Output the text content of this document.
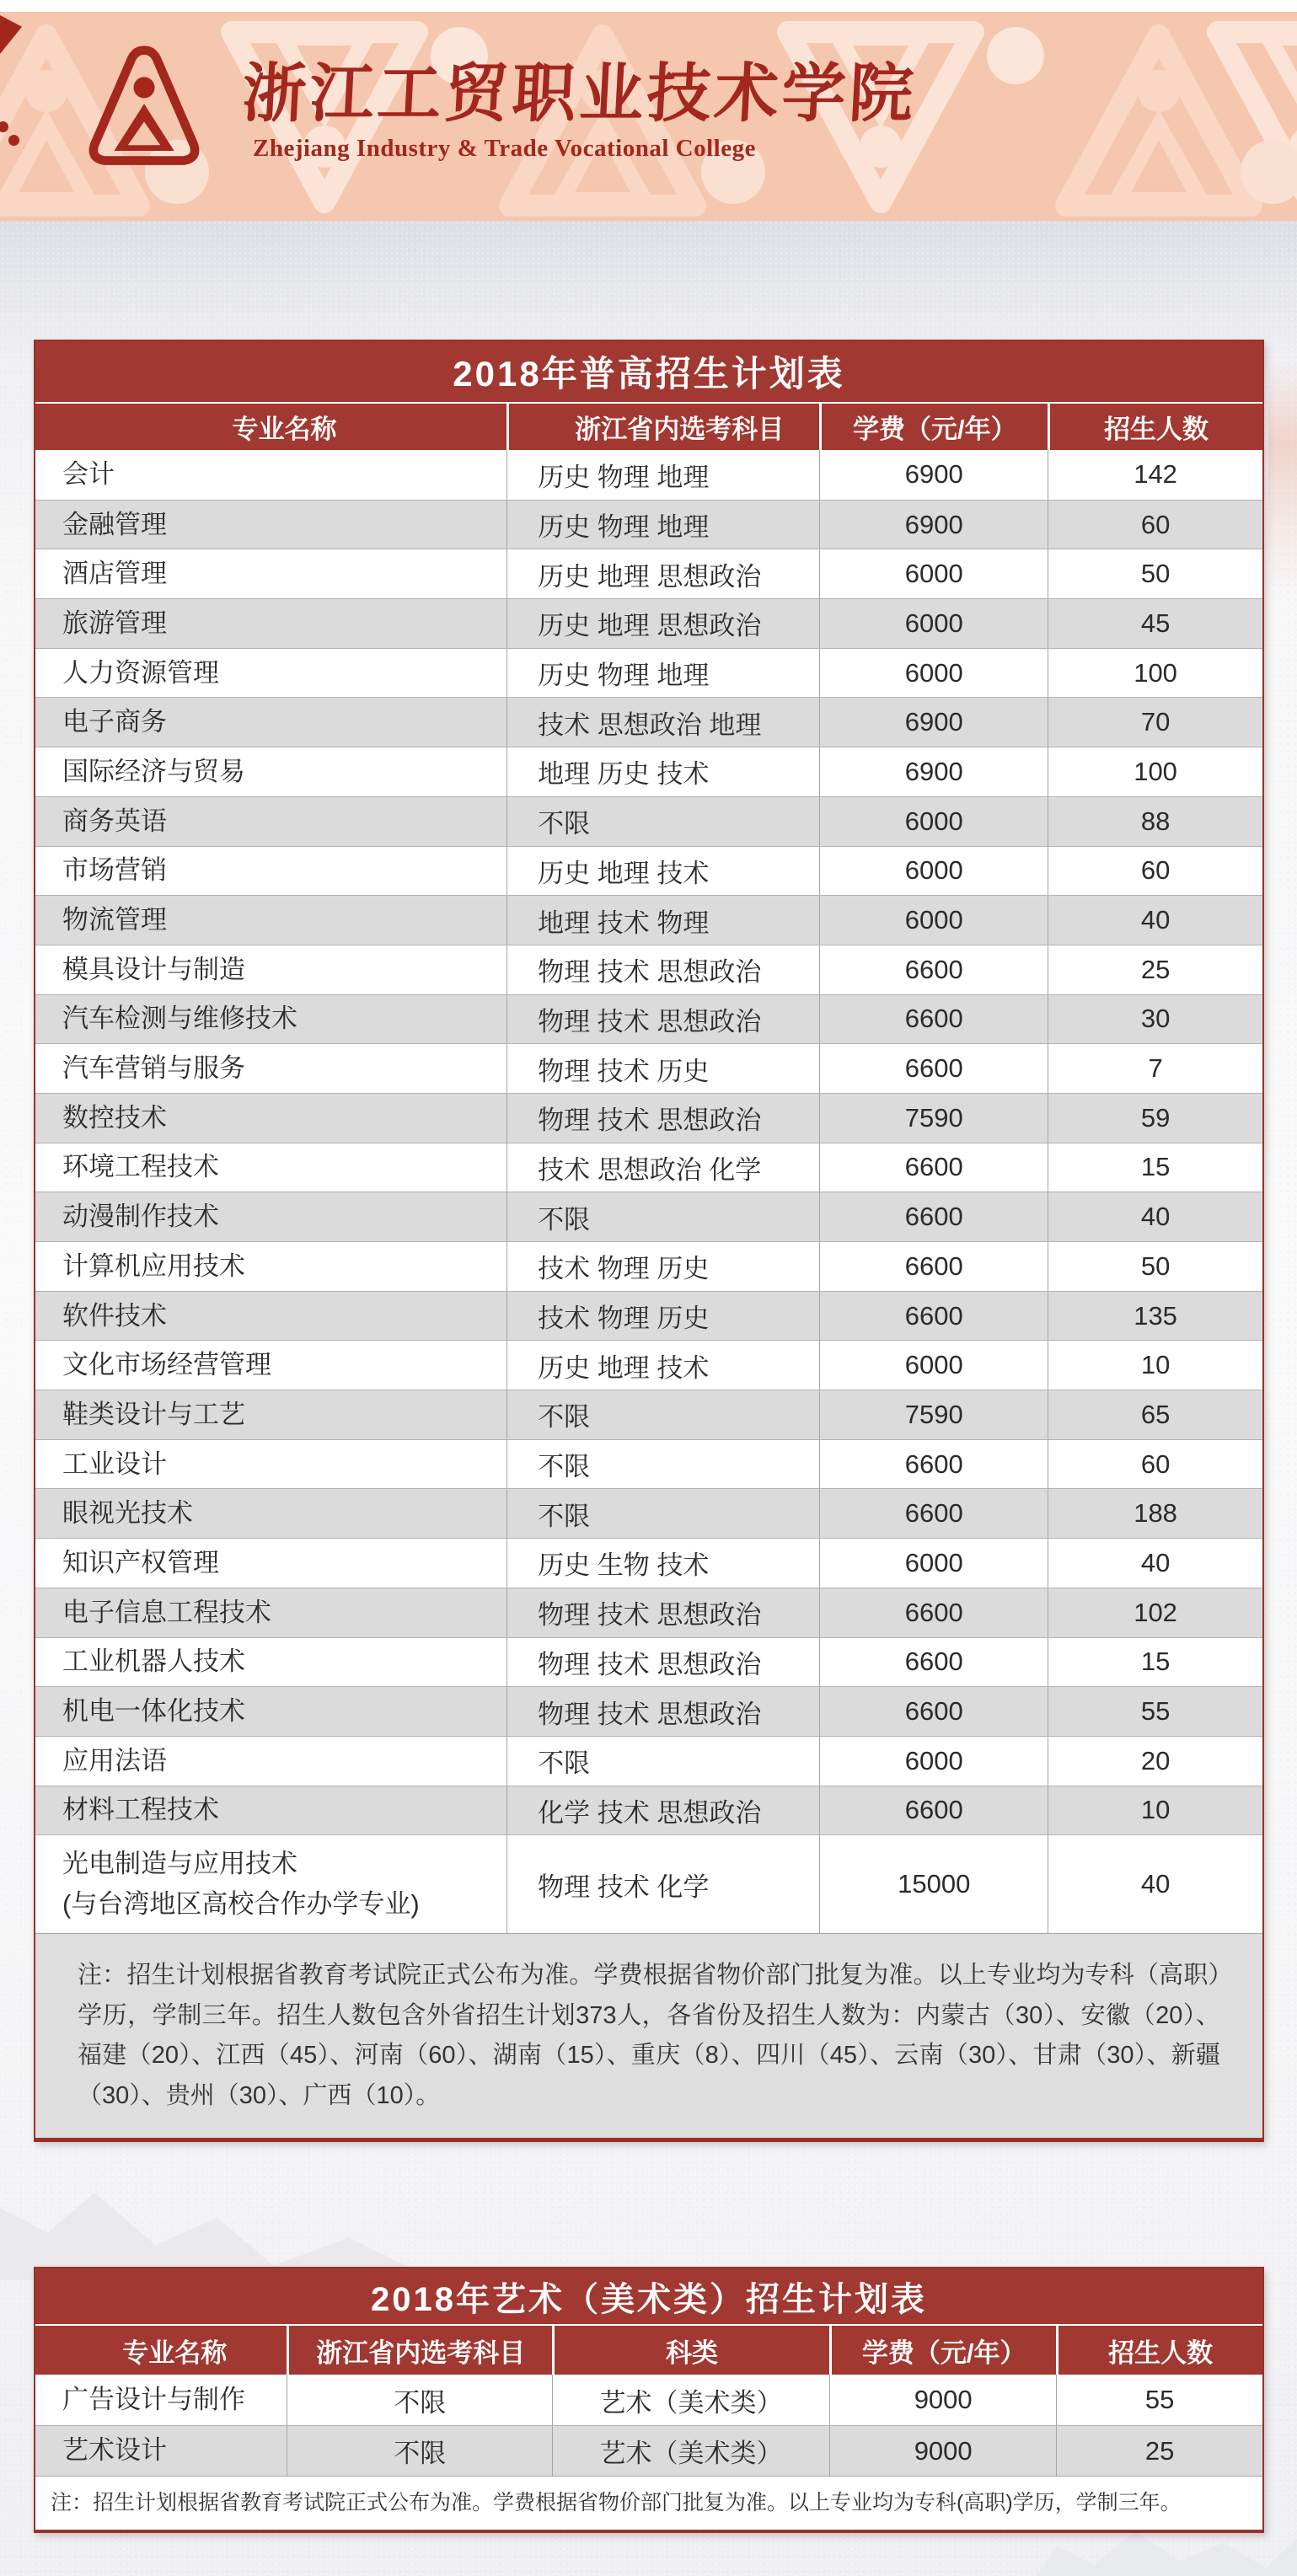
浙江工贸职业技术学院
Zhejiang Industry & Trade Vocational College
2018年普高招生计划表
专业名称	浙江省内选考科目	学费（元/年）	招生人数
会计	历史 物理 地理	6900	142
金融管理	历史 物理 地理	6900	60
酒店管理	历史 地理 思想政治	6000	50
旅游管理	历史 地理 思想政治	6000	45
人力资源管理	历史 物理 地理	6000	100
电子商务	技术 思想政治 地理	6900	70
国际经济与贸易	地理 历史 技术	6900	100
商务英语	不限	6000	88
市场营销	历史 地理 技术	6000	60
物流管理	地理 技术 物理	6000	40
模具设计与制造	物理 技术 思想政治	6600	25
汽车检测与维修技术	物理 技术 思想政治	6600	30
汽车营销与服务	物理 技术 历史	6600	7
数控技术	物理 技术 思想政治	7590	59
环境工程技术	技术 思想政治 化学	6600	15
动漫制作技术	不限	6600	40
计算机应用技术	技术 物理 历史	6600	50
软件技术	技术 物理 历史	6600	135
文化市场经营管理	历史 地理 技术	6000	10
鞋类设计与工艺	不限	7590	65
工业设计	不限	6600	60
眼视光技术	不限	6600	188
知识产权管理	历史 生物 技术	6000	40
电子信息工程技术	物理 技术 思想政治	6600	102
工业机器人技术	物理 技术 思想政治	6600	15
机电一体化技术	物理 技术 思想政治	6600	55
应用法语	不限	6000	20
材料工程技术	化学 技术 思想政治	6600	10
光电制造与应用技术
(与台湾地区高校合作办学专业)
物理 技术 化学	15000	40
注：招生计划根据省教育考试院正式公布为准。学费根据省物价部门批复为准。以上专业均为专科（高职）学历，学制三年。招生人数包含外省招生计划373人，各省份及招生人数为：内蒙古（30）、安徽（20）、福建（20）、江西（45）、河南（60）、湖南（15）、重庆（8）、四川（45）、云南（30）、甘肃（30）、新疆（30）、贵州（30）、广西（10）。
2018年艺术（美术类）招生计划表
专业名称	浙江省内选考科目	科类	学费（元/年）	招生人数
广告设计与制作	不限	艺术（美术类）	9000	55
艺术设计	不限	艺术（美术类）	9000	25
注：招生计划根据省教育考试院正式公布为准。学费根据省物价部门批复为准。以上专业均为专科(高职)学历，学制三年。
